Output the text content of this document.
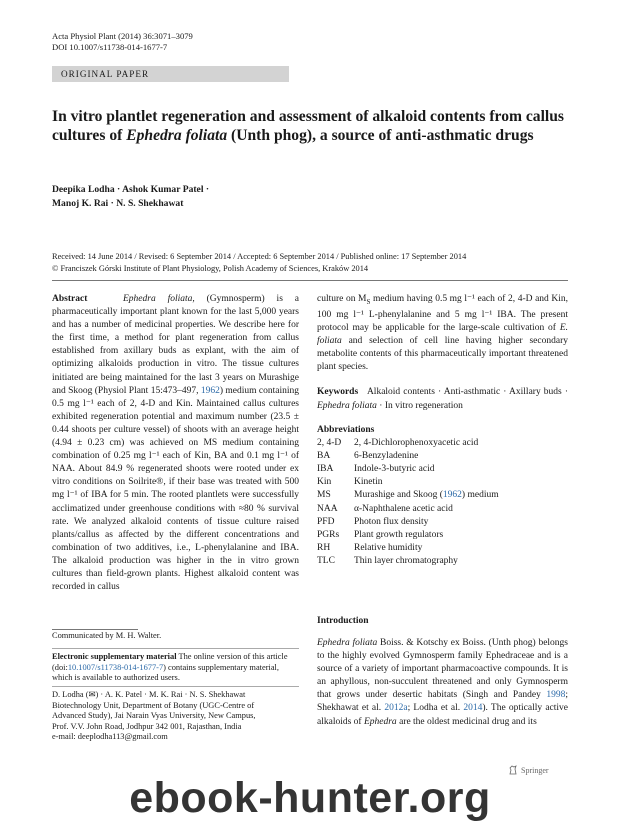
Acta Physiol Plant (2014) 36:3071–3079
DOI 10.1007/s11738-014-1677-7
ORIGINAL PAPER
In vitro plantlet regeneration and assessment of alkaloid contents from callus cultures of Ephedra foliata (Unth phog), a source of anti-asthmatic drugs
Deepika Lodha · Ashok Kumar Patel ·
Manoj K. Rai · N. S. Shekhawat
Received: 14 June 2014 / Revised: 6 September 2014 / Accepted: 6 September 2014 / Published online: 17 September 2014
© Franciszek Górski Institute of Plant Physiology, Polish Academy of Sciences, Kraków 2014
Abstract	Ephedra foliata, (Gymnosperm) is a pharmaceutically important plant known for the last 5,000 years and has a number of medicinal properties. We describe here for the first time, a method for plant regeneration from callus established from axillary buds as explant, with the aim of optimizing alkaloids production in vitro. The tissue cultures initiated are being maintained for the last 3 years on Murashige and Skoog (Physiol Plant 15:473–497, 1962) medium containing 0.5 mg l⁻¹ each of 2, 4-D and Kin. Maintained callus cultures exhibited regeneration potential and maximum number (23.5 ± 0.44 shoots per culture vessel) of shoots with an average height (4.94 ± 0.23 cm) was achieved on MS medium containing combination of 0.25 mg l⁻¹ each of Kin, BA and 0.1 mg l⁻¹ of NAA. About 84.9 % regenerated shoots were rooted under ex vitro conditions on Soilrite®, if their base was treated with 500 mg l⁻¹ of IBA for 5 min. The rooted plantlets were successfully acclimatized under greenhouse conditions with ≈80 % survival rate. We analyzed alkaloid contents of tissue culture raised plants/callus as affected by the different concentrations and combination of two additives, i.e., L-phenylalanine and IBA. The alkaloid production was higher in the in vitro grown cultures than field-grown plants. Highest alkaloid content was recorded in callus
culture on $M_S$ medium having 0.5 mg l⁻¹ each of 2, 4-D and Kin, 100 mg l⁻¹ L-phenylalanine and 5 mg l⁻¹ IBA. The present protocol may be applicable for the large-scale cultivation of E. foliata and selection of cell line having higher secondary metabolite contents of this pharmaceutically important threatened plant species.
Keywords Alkaloid contents · Anti-asthmatic · Axillary buds · Ephedra foliata · In vitro regeneration
Abbreviations
2, 4-D	2, 4-Dichlorophenoxyacetic acid
BA	6-Benzyladenine
IBA	Indole-3-butyric acid
Kin	Kinetin
MS	Murashige and Skoog (1962) medium
NAA	α-Naphthalene acetic acid
PFD	Photon flux density
PGRs	Plant growth regulators
RH	Relative humidity
TLC	Thin layer chromatography
Introduction
Ephedra foliata Boiss. & Kotschy ex Boiss. (Unth phog) belongs to the highly evolved Gymnosperm family Ephedraceae and is a source of a variety of important pharmacoactive compounds. It is an aphyllous, non-succulent threatened and only Gymnosperm that grows under desertic habitats (Singh and Pandey 1998; Shekhawat et al. 2012a; Lodha et al. 2014). The optically active alkaloids of Ephedra are the oldest medicinal drug and its
Communicated by M. H. Walter.
Electronic supplementary material The online version of this article (doi:10.1007/s11738-014-1677-7) contains supplementary material, which is available to authorized users.
D. Lodha (✉) · A. K. Patel · M. K. Rai · N. S. Shekhawat
Biotechnology Unit, Department of Botany (UGC-Centre of
Advanced Study), Jai Narain Vyas University, New Campus,
Prof. V.V. John Road, Jodhpur 342 001, Rajasthan, India
e-mail: deeplodha113@gmail.com
Springer
ebook-hunter.org
